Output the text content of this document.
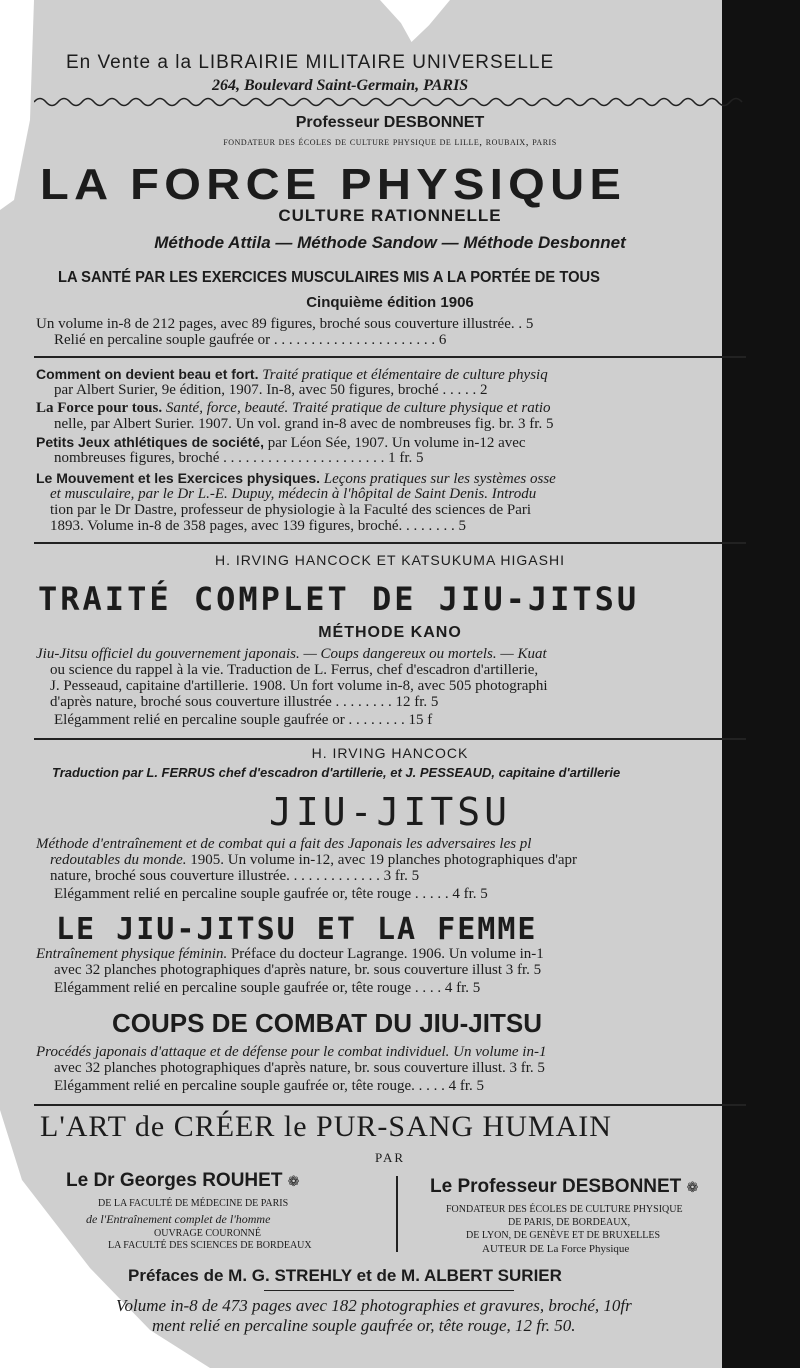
En Vente a la LIBRAIRIE MILITAIRE UNIVERSELLE
264, Boulevard Saint-Germain, PARIS
Professeur DESBONNET
fondateur des écoles de culture physique de lille, roubaix, paris
LA FORCE PHYSIQUE
CULTURE RATIONNELLE
Méthode Attila — Méthode Sandow — Méthode Desbonnet
LA SANTÉ PAR LES EXERCICES MUSCULAIRES MIS A LA PORTÉE DE TOUS
Cinquième édition 1906
Un volume in-8 de 212 pages, avec 89 figures, broché sous couverture illustrée. . 5
Relié en percaline souple gaufrée or . . . . . . . . . . . . . . . . . . . . . . 6
Comment on devient beau et fort. Traité pratique et élémentaire de culture physiq
par Albert Surier, 9e édition, 1907. In-8, avec 50 figures, broché . . . . . 2
La Force pour tous. Santé, force, beauté. Traité pratique de culture physique et ratio
nelle, par Albert Surier. 1907. Un vol. grand in-8 avec de nombreuses fig. br. 3 fr. 5
Petits Jeux athlétiques de société, par Léon Sée, 1907. Un volume in-12 avec
nombreuses figures, broché . . . . . . . . . . . . . . . . . . . . . . 1 fr. 5
Le Mouvement et les Exercices physiques. Leçons pratiques sur les systèmes osse
et musculaire, par le Dr L.-E. Dupuy, médecin à l'hôpital de Saint Denis. Introdu
tion par le Dr Dastre, professeur de physiologie à la Faculté des sciences de Pari
1893. Volume in-8 de 358 pages, avec 139 figures, broché. . . . . . . . 5
H. IRVING HANCOCK ET KATSUKUMA HIGASHI
TRAITÉ COMPLET DE JIU-JITSU
MÉTHODE KANO
Jiu-Jitsu officiel du gouvernement japonais. — Coups dangereux ou mortels. — Kuat
ou science du rappel à la vie. Traduction de L. Ferrus, chef d'escadron d'artillerie,
J. Pesseaud, capitaine d'artillerie. 1908. Un fort volume in-8, avec 505 photographi
d'après nature, broché sous couverture illustrée . . . . . . . . 12 fr. 5
Elégamment relié en percaline souple gaufrée or . . . . . . . . 15 f
H. IRVING HANCOCK
Traduction par L. FERRUS chef d'escadron d'artillerie, et J. PESSEAUD, capitaine d'artillerie
JIU-JITSU
Méthode d'entraînement et de combat qui a fait des Japonais les adversaires les pl
redoutables du monde. 1905. Un volume in-12, avec 19 planches photographiques d'apr
nature, broché sous couverture illustrée. . . . . . . . . . . . . 3 fr. 5
Elégamment relié en percaline souple gaufrée or, tête rouge . . . . . 4 fr. 5
LE JIU-JITSU ET LA FEMME
Entraînement physique féminin. Préface du docteur Lagrange. 1906. Un volume in-1
avec 32 planches photographiques d'après nature, br. sous couverture illust 3 fr. 5
Elégamment relié en percaline souple gaufrée or, tête rouge . . . . 4 fr. 5
COUPS DE COMBAT DU JIU-JITSU
Procédés japonais d'attaque et de défense pour le combat individuel. Un volume in-1
avec 32 planches photographiques d'après nature, br. sous couverture illust. 3 fr. 5
Elégamment relié en percaline souple gaufrée or, tête rouge. . . . . 4 fr. 5
L'ART de CRÉER le PUR-SANG HUMAIN
PAR
Le Dr Georges ROUHET ❁
DE LA FACULTÉ DE MÉDECINE DE PARIS
de l'Entraînement complet de l'homme
OUVRAGE COURONNÉ
LA FACULTÉ DES SCIENCES DE BORDEAUX
Le Professeur DESBONNET ❁
FONDATEUR DES ÉCOLES DE CULTURE PHYSIQUE
DE PARIS, DE BORDEAUX,
DE LYON, DE GENÈVE ET DE BRUXELLES
AUTEUR DE La Force Physique
Préfaces de M. G. STREHLY et de M. ALBERT SURIER
Volume in-8 de 473 pages avec 182 photographies et gravures, broché, 10fr
ment relié en percaline souple gaufrée or, tête rouge, 12 fr. 50.
